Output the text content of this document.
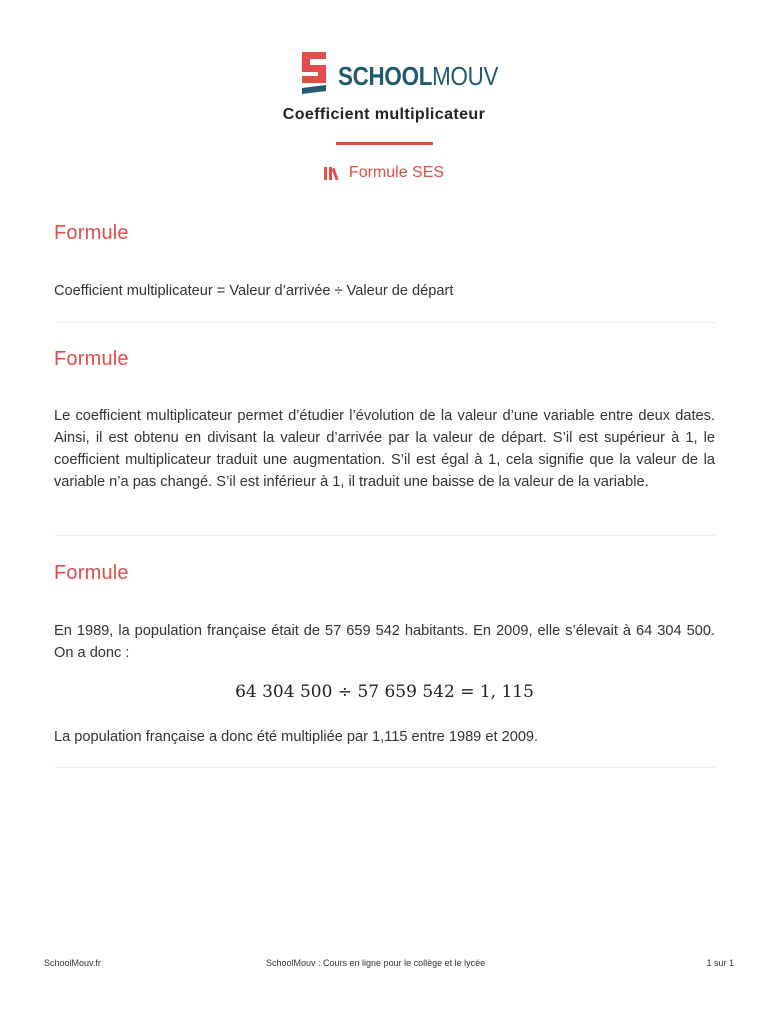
SCHOOLMOUV
Coefficient multiplicateur
Formule SES
Formule

Coefficient multiplicateur = Valeur d’arrivée ÷ Valeur de départ

Formule

Le coefficient multiplicateur permet d’étudier l’évolution de la valeur d’une variable entre deux dates. Ainsi, il est obtenu en divisant la valeur d’arrivée par la valeur de départ. S’il est supérieur à 1, le coefficient multiplicateur traduit une augmentation. S’il est égal à 1, cela signifie que la valeur de la variable n’a pas changé. S’il est inférieur à 1, il traduit une baisse de la valeur de la variable.

Formule

En 1989, la population française était de 57 659 542 habitants. En 2009, elle s’élevait à 64 304 500. On a donc :

64 304 500 ÷ 57 659 542 = 1, 115

La population française a donc été multipliée par 1,115 entre 1989 et 2009.

SchoolMouv.fr	SchoolMouv : Cours en ligne pour le collège et le lycée	1 sur 1
